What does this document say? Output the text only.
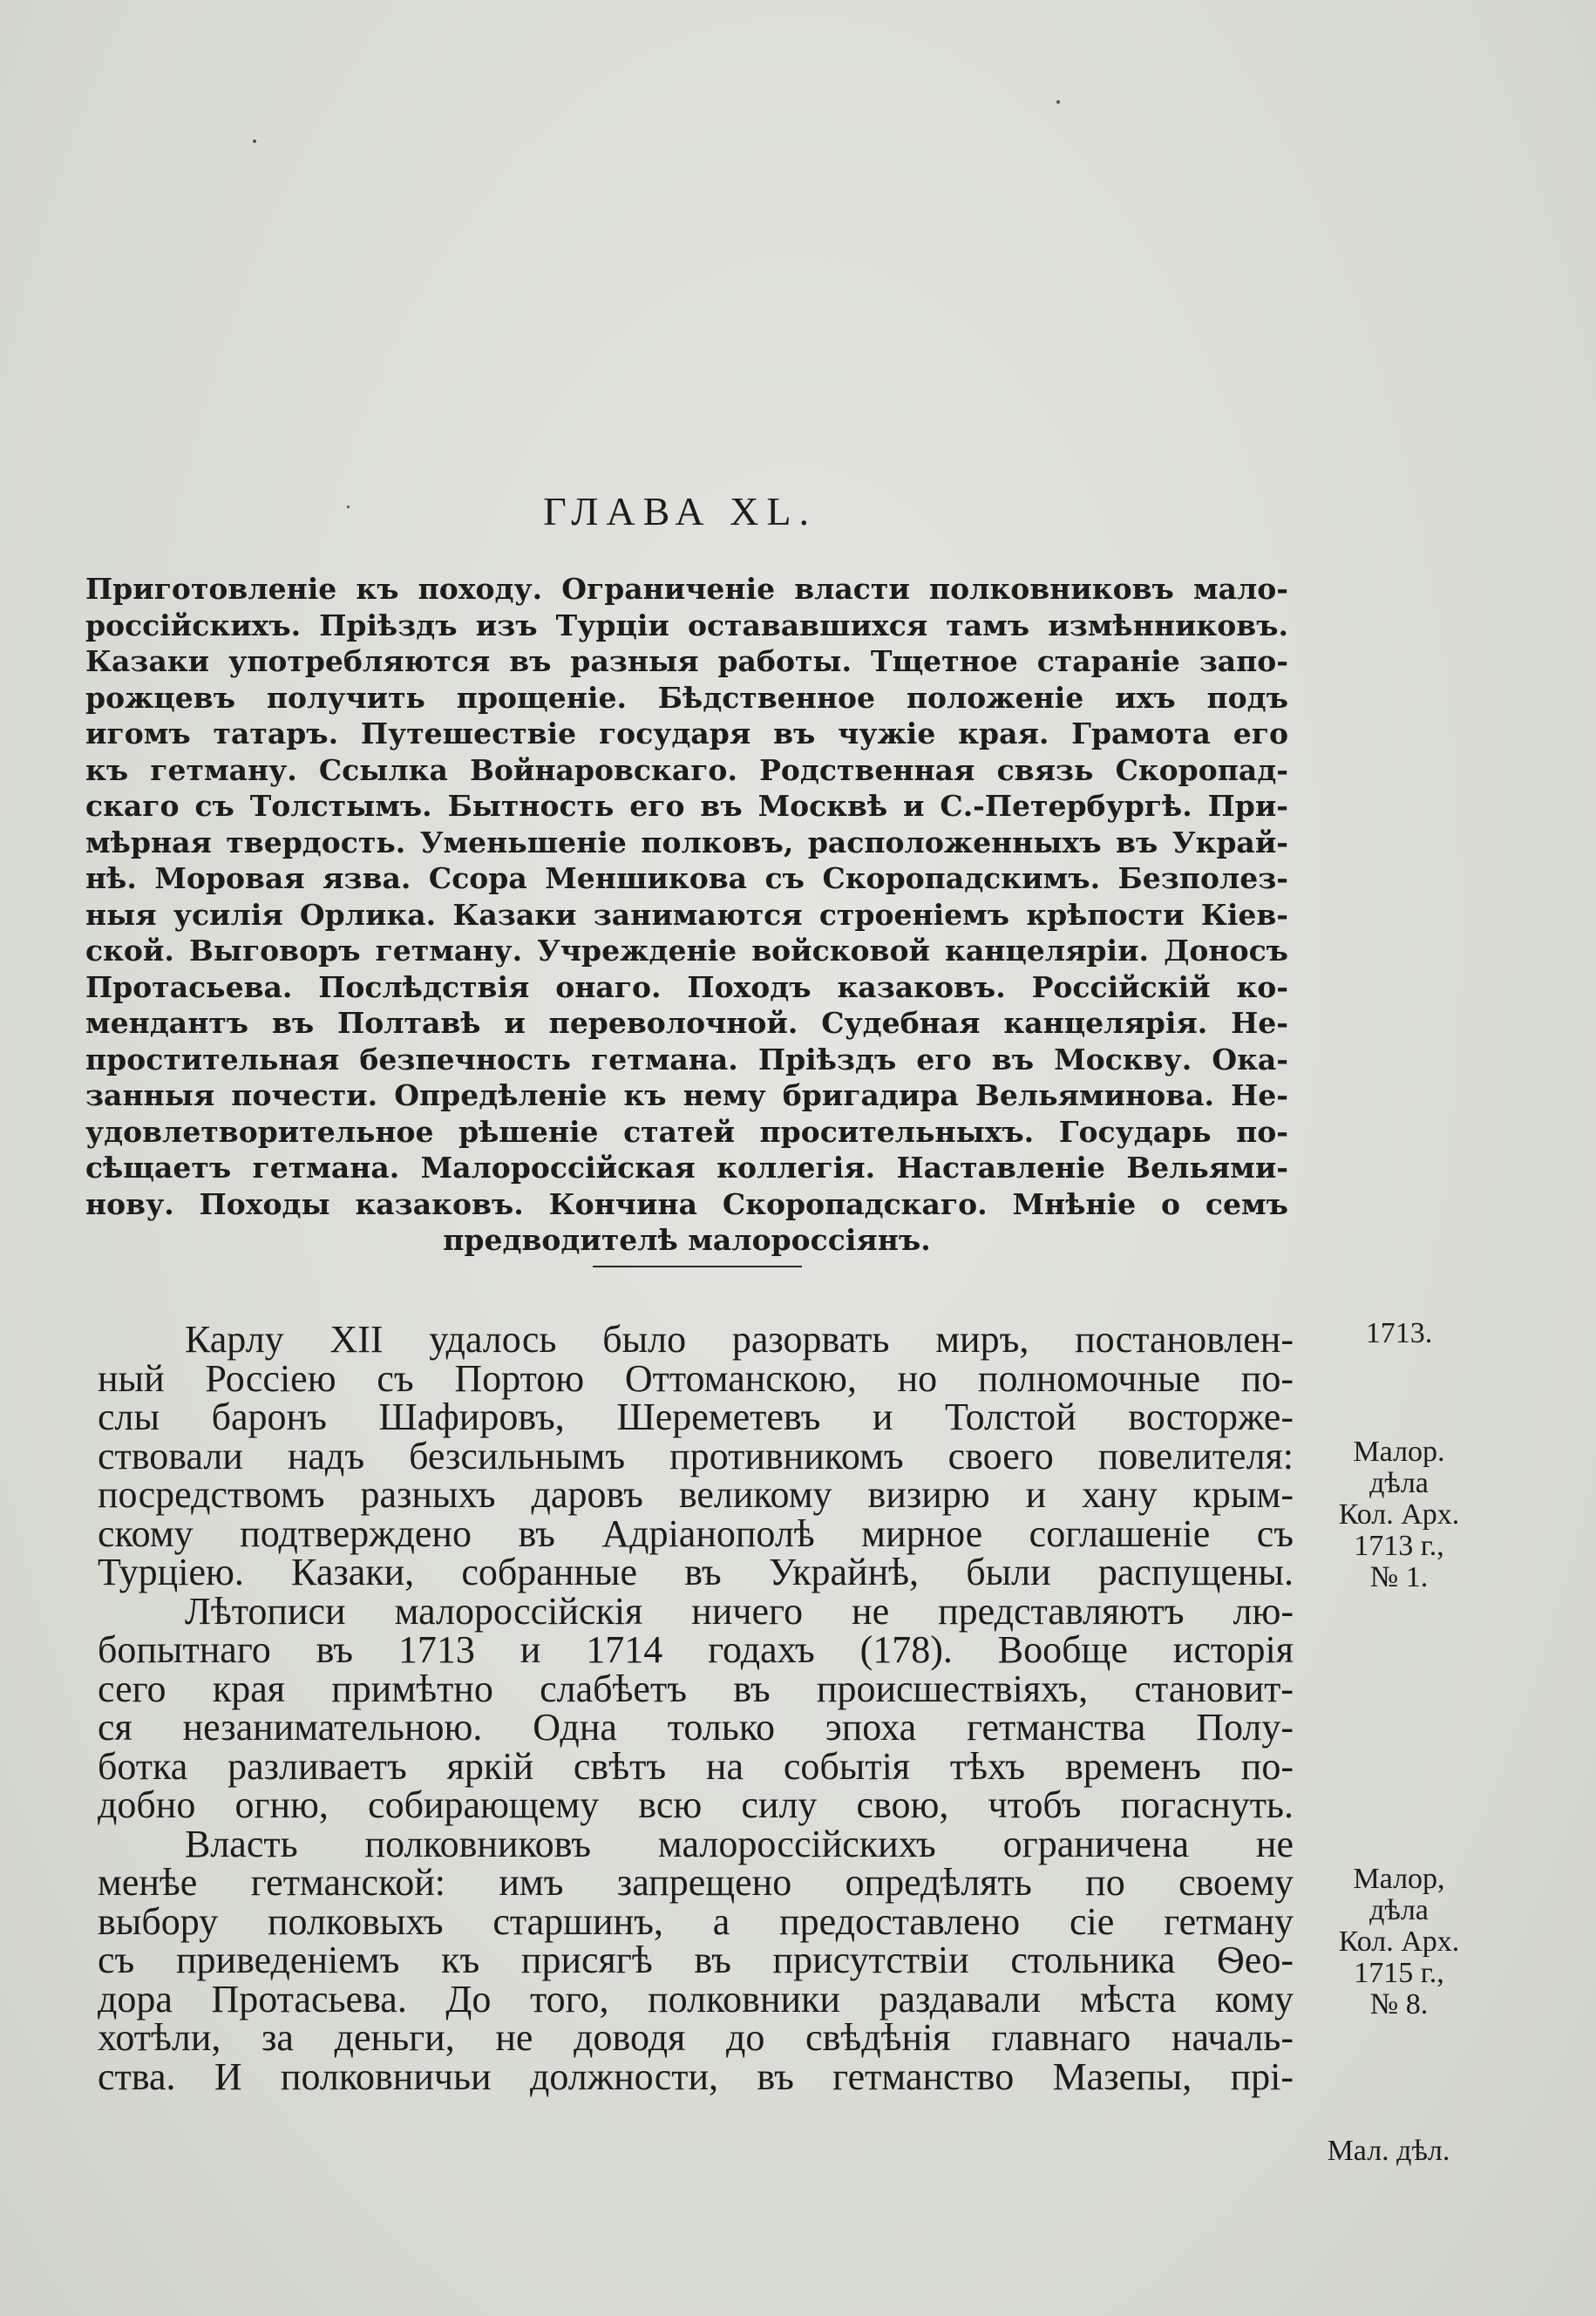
ГЛАВА XL.
Приготовленіе къ походу. Ограниченіе власти полковниковъ мало-
россійскихъ. Пріѣздъ изъ Турціи остававшихся тамъ измѣнниковъ.
Казаки употребляются въ разныя работы. Тщетное стараніе запо-
рожцевъ получить прощеніе. Бѣдственное положеніе ихъ подъ
игомъ татаръ. Путешествіе государя въ чужіе края. Грамота его
къ гетману. Ссылка Войнаровскаго. Родственная связь Скоропад-
скаго съ Толстымъ. Бытность его въ Москвѣ и С.-Петербургѣ. При-
мѣрная твердость. Уменьшеніе полковъ, расположенныхъ въ Украй-
нѣ. Моровая язва. Ссора Меншикова съ Скоропадскимъ. Безполез-
ныя усилія Орлика. Казаки занимаются строеніемъ крѣпости Кіев-
ской. Выговоръ гетману. Учрежденіе войсковой канцеляріи. Доносъ
Протасьева. Послѣдствія онаго. Походъ казаковъ. Россійскій ко-
мендантъ въ Полтавѣ и переволочной. Судебная канцелярія. Не-
простительная безпечность гетмана. Пріѣздъ его въ Москву. Ока-
занныя почести. Опредѣленіе къ нему бригадира Вельяминова. Не-
удовлетворительное рѣшеніе статей просительныхъ. Государь по-
сѣщаетъ гетмана. Малороссійская коллегія. Наставленіе Вельями-
нову. Походы казаковъ. Кончина Скоропадскаго. Мнѣніе о семъ
предводителѣ малороссіянъ.
Карлу XII удалось было разорвать миръ, постановлен-
ный Россіею съ Портою Оттоманскою, но полномочные по-
слы баронъ Шафировъ, Шереметевъ и Толстой восторже-
ствовали надъ безсильнымъ противникомъ своего повелителя:
посредствомъ разныхъ даровъ великому визирю и хану крым-
скому подтверждено въ Адріанополѣ мирное соглашеніе съ
Турціею. Казаки, собранные въ Украйнѣ, были распущены.
Лѣтописи малороссійскія ничего не представляютъ лю-
бопытнаго въ 1713 и 1714 годахъ (178). Вообще исторія
сего края примѣтно слабѣетъ въ происшествіяхъ, становит-
ся незанимательною. Одна только эпоха гетманства Полу-
ботка разливаетъ яркій свѣтъ на событія тѣхъ временъ по-
добно огню, собирающему всю силу свою, чтобъ погаснуть.
Власть полковниковъ малороссійскихъ ограничена не
менѣе гетманской: имъ запрещено опредѣлять по своему
выбору полковыхъ старшинъ, а предоставлено сіе гетману
съ приведеніемъ къ присягѣ въ присутствіи стольника Ѳео-
дора Протасьева. До того, полковники раздавали мѣста кому
хотѣли, за деньги, не доводя до свѣдѣнія главнаго началь-
ства. И полковничьи должности, въ гетманство Мазепы, прі-
1713.
Малор.
дѣла
Кол. Арх.
1713 г.,
№ 1.
Малор,
дѣла
Кол. Арх.
1715 г.,
№ 8.
Мал. дѣл.
